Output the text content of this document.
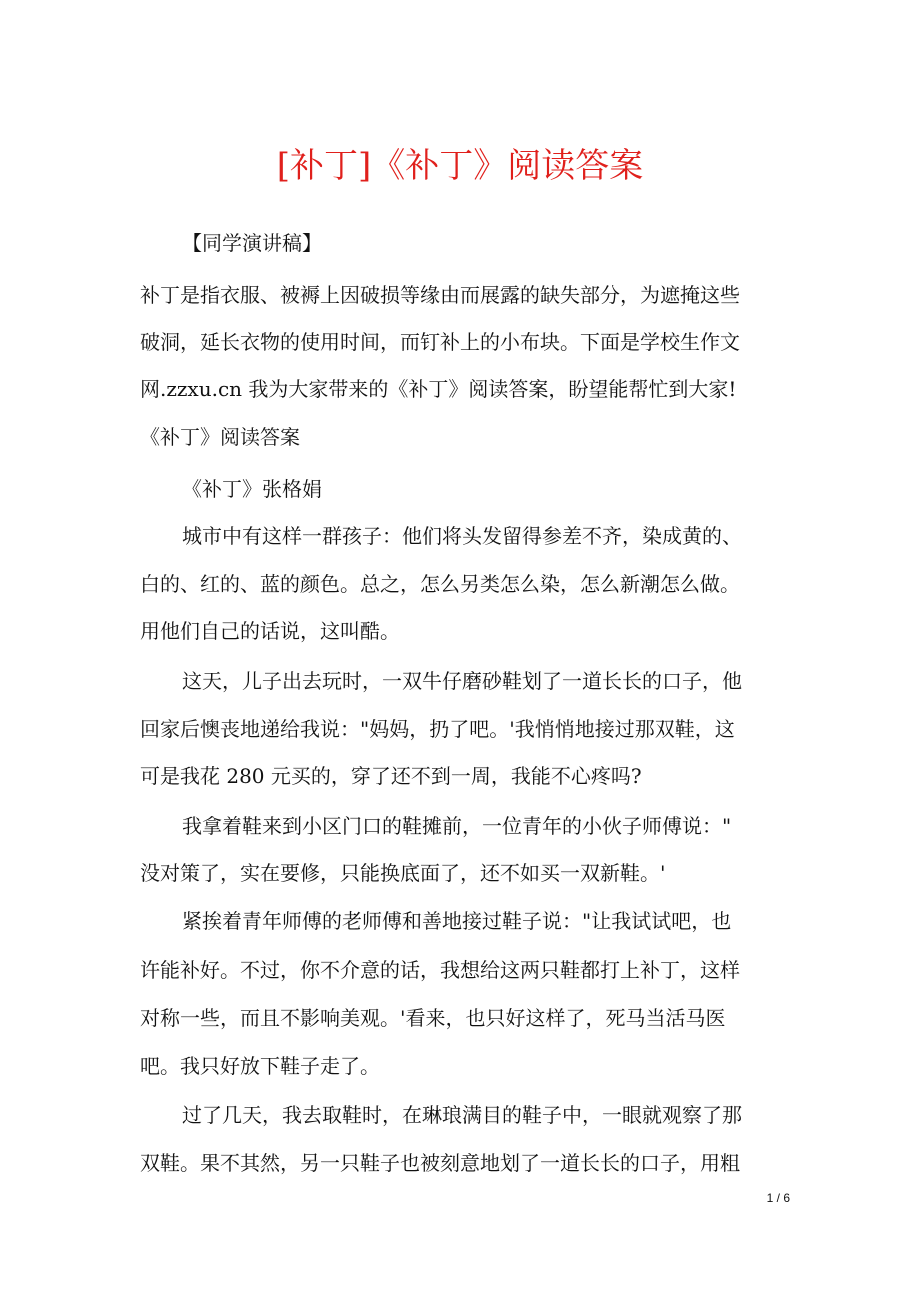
[补丁]《补丁》阅读答案
【同学演讲稿】
补丁是指衣服、被褥上因破损等缘由而展露的缺失部分，为遮掩这些
破洞，延长衣物的使用时间，而钉补上的小布块。下面是学校生作文
网.zzxu.cn 我为大家带来的《补丁》阅读答案，盼望能帮忙到大家!
《补丁》阅读答案
《补丁》张格娟
城市中有这样一群孩子：他们将头发留得参差不齐，染成黄的、
白的、红的、蓝的颜色。总之，怎么另类怎么染，怎么新潮怎么做。
用他们自己的话说，这叫酷。
这天，儿子出去玩时，一双牛仔磨砂鞋划了一道长长的口子，他
回家后懊丧地递给我说："妈妈，扔了吧。'我悄悄地接过那双鞋，这
可是我花 280 元买的，穿了还不到一周，我能不心疼吗?
我拿着鞋来到小区门口的鞋摊前，一位青年的小伙子师傅说："
没对策了，实在要修，只能换底面了，还不如买一双新鞋。'
紧挨着青年师傅的老师傅和善地接过鞋子说："让我试试吧，也
许能补好。不过，你不介意的话，我想给这两只鞋都打上补丁，这样
对称一些，而且不影响美观。'看来，也只好这样了，死马当活马医
吧。我只好放下鞋子走了。
过了几天，我去取鞋时，在琳琅满目的鞋子中，一眼就观察了那
双鞋。果不其然，另一只鞋子也被刻意地划了一道长长的口子，用粗
1 / 6
